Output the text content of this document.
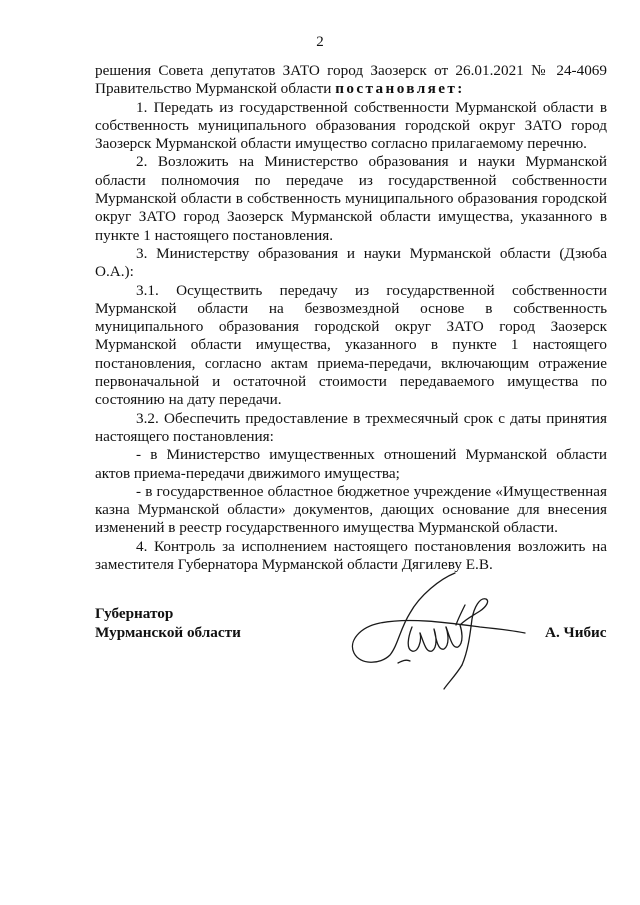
2

решения Совета депутатов ЗАТО город Заозерск от 26.01.2021 № 24-4069 Правительство Мурманской области постановляет:

1. Передать из государственной собственности Мурманской области в собственность муниципального образования городской округ ЗАТО город Заозерск Мурманской области имущество согласно прилагаемому перечню.

2. Возложить на Министерство образования и науки Мурманской области полномочия по передаче из государственной собственности Мурманской области в собственность муниципального образования городской округ ЗАТО город Заозерск Мурманской области имущества, указанного в пункте 1 настоящего постановления.

3. Министерству образования и науки Мурманской области (Дзюба О.А.):

3.1. Осуществить передачу из государственной собственности Мурманской области на безвозмездной основе в собственность муниципального образования городской округ ЗАТО город Заозерск Мурманской области имущества, указанного в пункте 1 настоящего постановления, согласно актам приема-передачи, включающим отражение первоначальной и остаточной стоимости передаваемого имущества по состоянию на дату передачи.

3.2. Обеспечить предоставление в трехмесячный срок с даты принятия настоящего постановления:

- в Министерство имущественных отношений Мурманской области актов приема-передачи движимого имущества;

- в государственное областное бюджетное учреждение «Имущественная казна Мурманской области» документов, дающих основание для внесения изменений в реестр государственного имущества Мурманской области.

4. Контроль за исполнением настоящего постановления возложить на заместителя Губернатора Мурманской области Дягилеву Е.В.

Губернатор
Мурманской области	А. Чибис
